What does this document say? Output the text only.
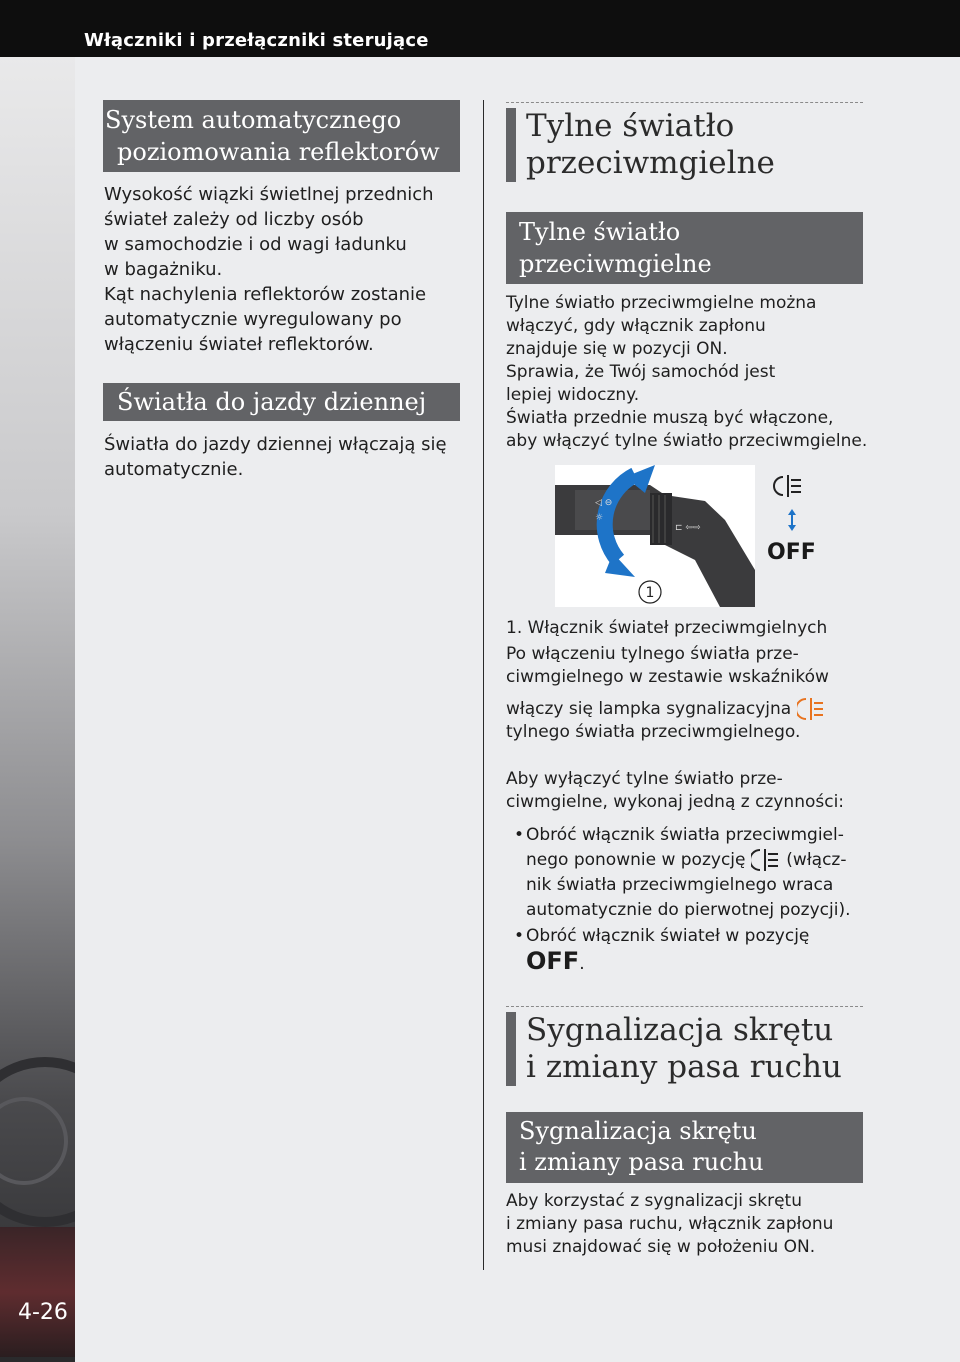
Włączniki i przełączniki sterujące
4-26
System automatycznego
poziomowania reflektorów
Wysokość wiązki świetlnej przednich
świateł zależy od liczby osób
w samochodzie i od wagi ładunku
w bagażniku.
Kąt nachylenia reflektorów zostanie
automatycznie wyregulowany po
włączeniu świateł reflektorów.
Światła do jazdy dziennej
Światła do jazdy dziennej włączają się
automatycznie.
Tylne światło
przeciwmgielne
Tylne światło
przeciwmgielne
Tylne światło przeciwmgielne można
włączyć, gdy włącznik zapłonu
znajduje się w pozycji ON.
Sprawia, że Twój samochód jest
lepiej widoczny.
Światła przednie muszą być włączone,
aby włączyć tylne światło przeciwmgielne.
◁ ⊖
☼
⊏ ⇦⇨
1
OFF
1. Włącznik świateł przeciwmgielnych
Po włączeniu tylnego światła prze-
ciwmgielnego w zestawie wskaźników
włączy się lampka sygnalizacyjna
tylnego światła przeciwmgielnego.
Aby wyłączyć tylne światło prze-
ciwmgielne, wykonaj jedną z czynności:
• Obróć włącznik światła przeciwmgiel-
nego ponownie w pozycję (włącz-
nik światła przeciwmgielnego wraca
automatycznie do pierwotnej pozycji).
• Obróć włącznik świateł w pozycję
OFF.
Sygnalizacja skrętu
i zmiany pasa ruchu
Sygnalizacja skrętu
i zmiany pasa ruchu
Aby korzystać z sygnalizacji skrętu
i zmiany pasa ruchu, włącznik zapłonu
musi znajdować się w położeniu ON.
